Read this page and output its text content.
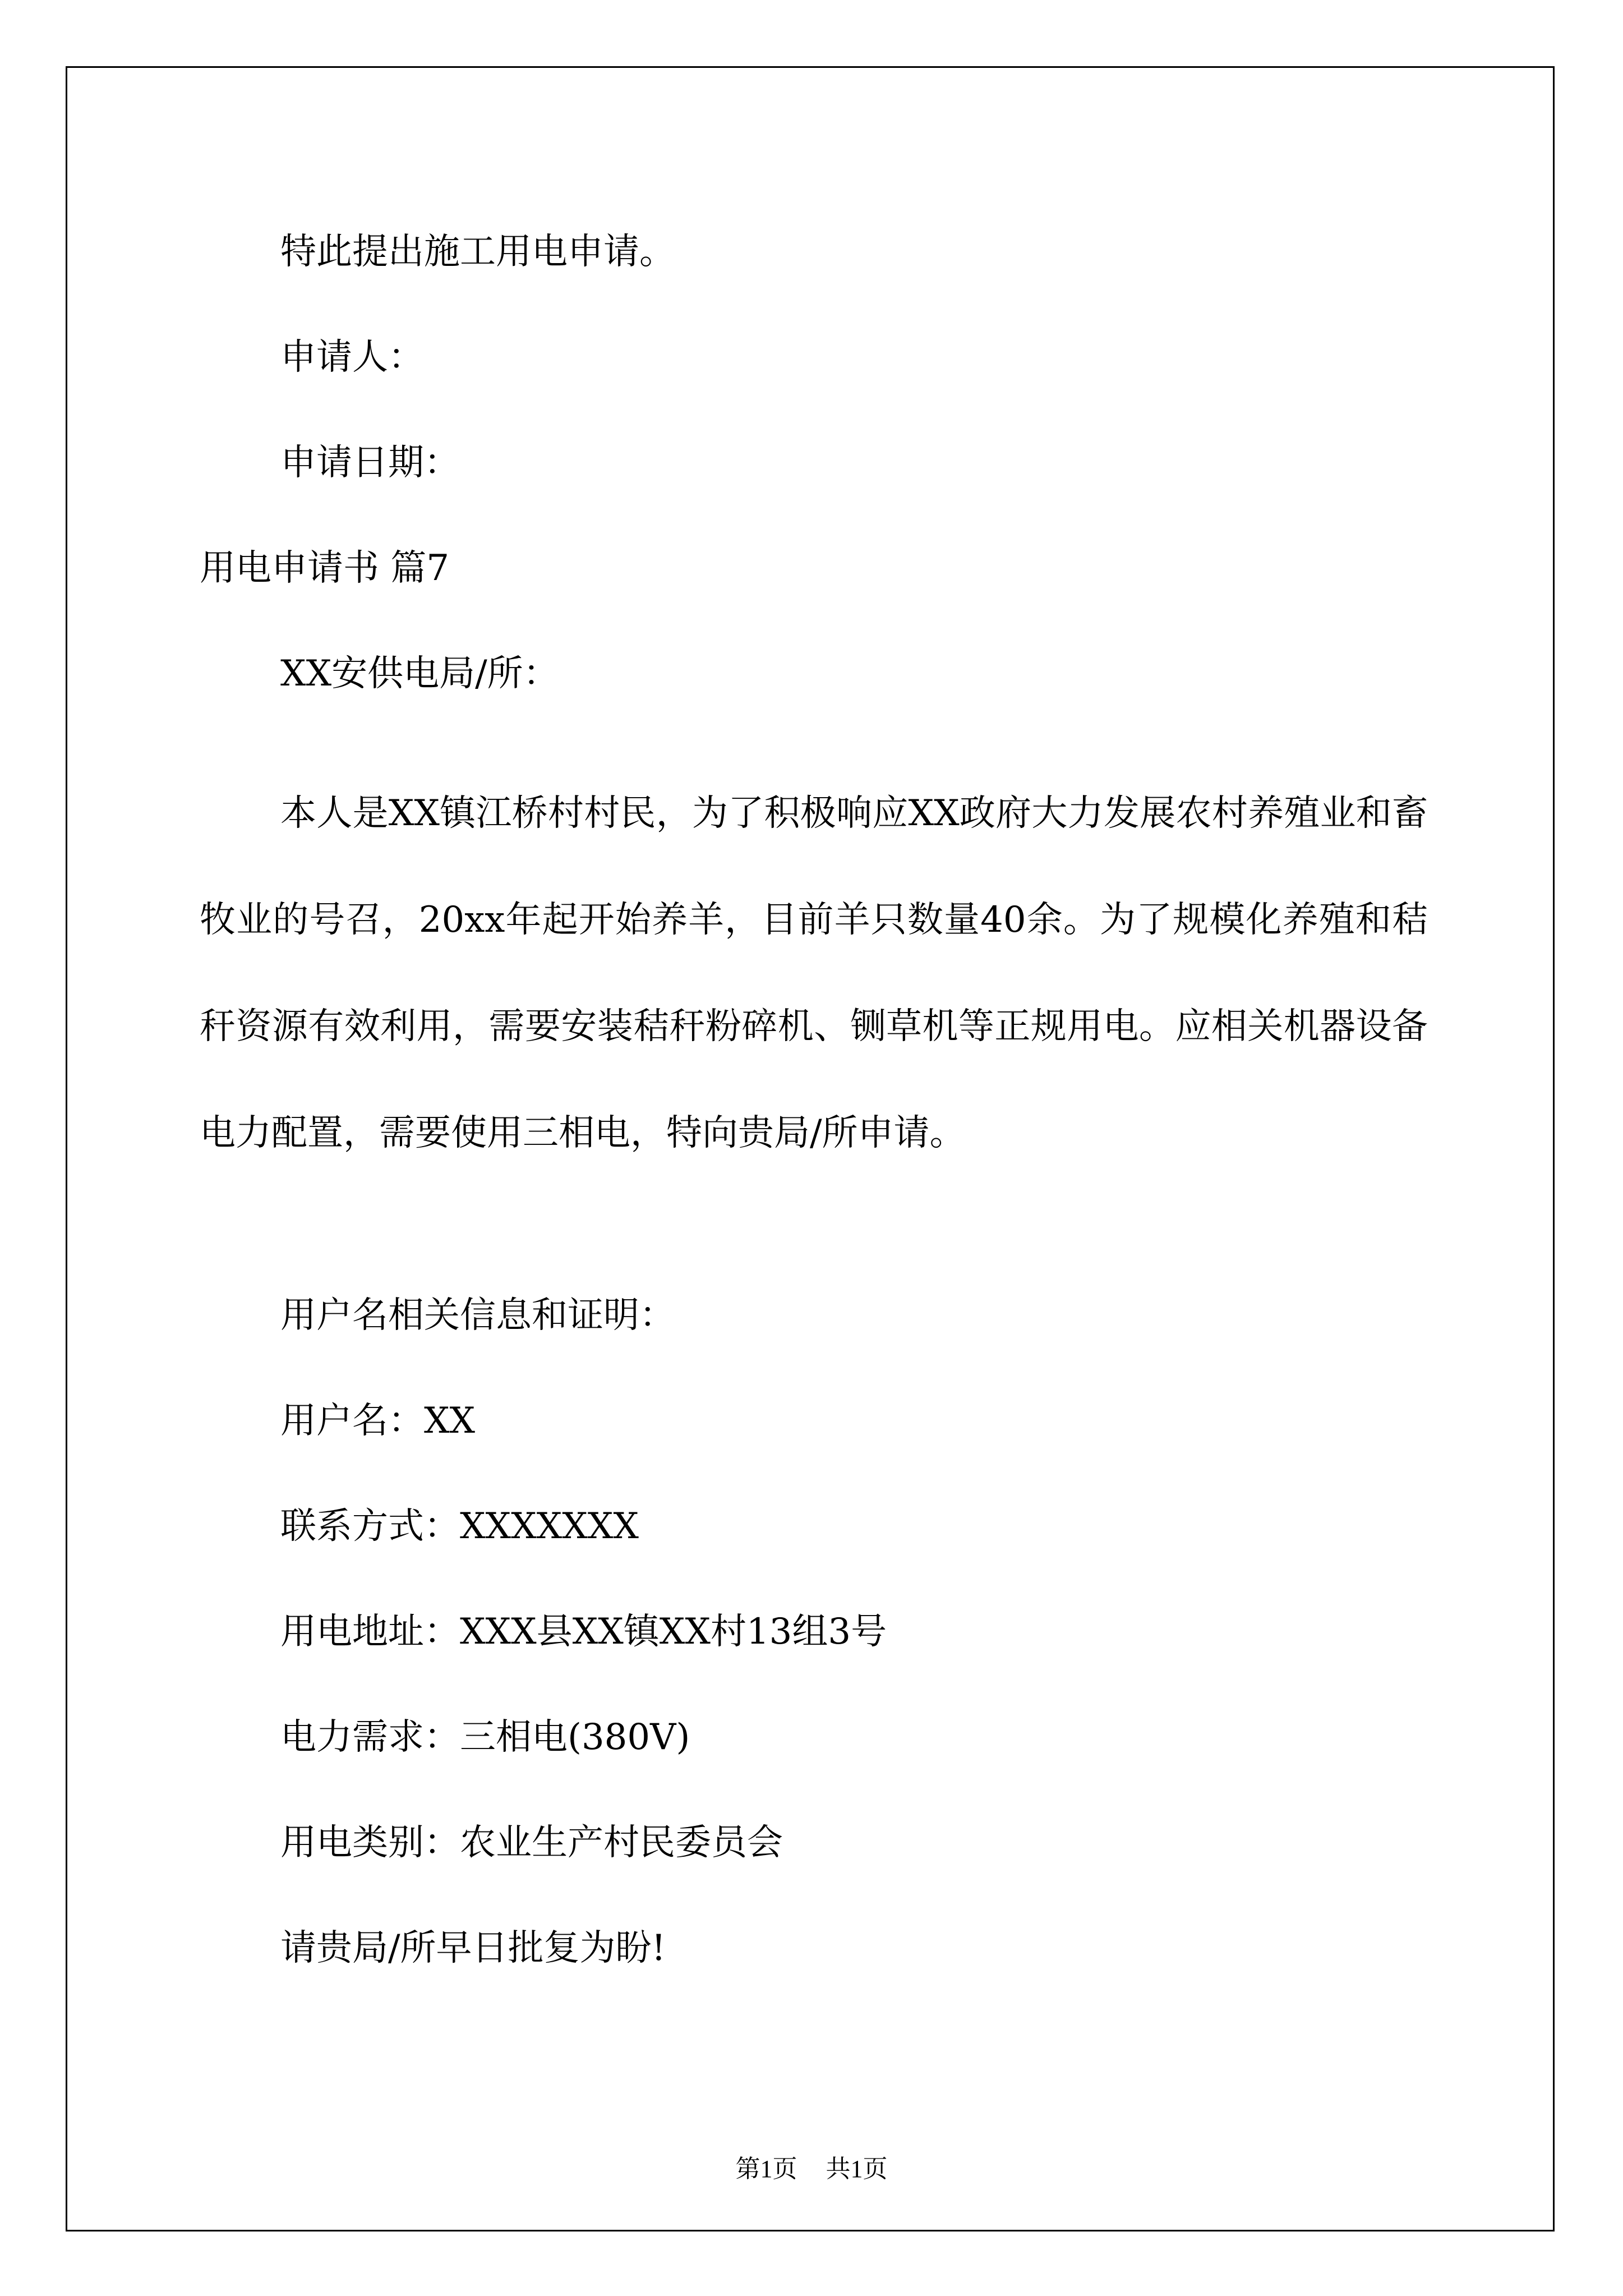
特此提出施工用电申请。
申请人：
申请日期：
用电申请书 篇7
XX安供电局/所：
本人是XX镇江桥村村民，为了积极响应XX政府大力发展农村养殖业和畜牧业的号召，20xx年起开始养羊，目前羊只数量40余。为了规模化养殖和秸秆资源有效利用，需要安装秸秆粉碎机、铡草机等正规用电。应相关机器设备电力配置，需要使用三相电，特向贵局/所申请。
用户名相关信息和证明：
用户名：XX
联系方式：XXXXXXX
用电地址：XXX县XX镇XX村13组3号
电力需求：三相电(380V)
用电类别：农业生产村民委员会
请贵局/所早日批复为盼!
第1页 共1页
